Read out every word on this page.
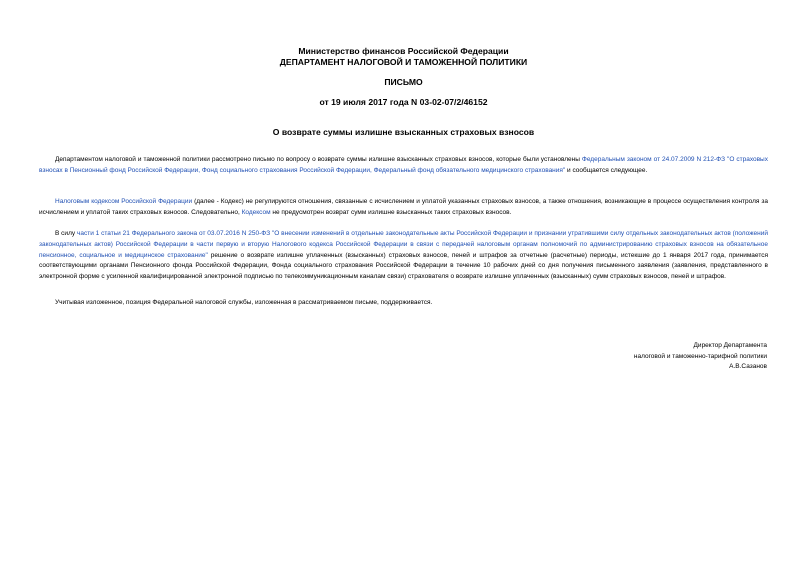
Министерство финансов Российской Федерации
ДЕПАРТАМЕНТ НАЛОГОВОЙ И ТАМОЖЕННОЙ ПОЛИТИКИ
ПИСЬМО
от 19 июля 2017 года N 03-02-07/2/46152
О возврате суммы излишне взысканных страховых взносов
Департаментом налоговой и таможенной политики рассмотрено письмо по вопросу о возврате суммы излишне взысканных страховых взносов, которые были установлены Федеральным законом от 24.07.2009 N 212-ФЗ "О страховых взносах в Пенсионный фонд Российской Федерации, Фонд социального страхования Российской Федерации, Федеральный фонд обязательного медицинского страхования" и сообщается следующее.
Налоговым кодексом Российской Федерации (далее - Кодекс) не регулируются отношения, связанные с исчислением и уплатой указанных страховых взносов, а также отношения, возникающие в процессе осуществления контроля за исчислением и уплатой таких страховых взносов. Следовательно, Кодексом не предусмотрен возврат сумм излишне взысканных таких страховых взносов.
В силу части 1 статьи 21 Федерального закона от 03.07.2016 N 250-ФЗ "О внесении изменений в отдельные законодательные акты Российской Федерации и признании утратившими силу отдельных законодательных актов (положений законодательных актов) Российской Федерации в части первую и вторую Налогового кодекса Российской Федерации в связи с передачей налоговым органам полномочий по администрированию страховых взносов на обязательное пенсионное, социальное и медицинское страхование" решение о возврате излишне уплаченных (взысканных) страховых взносов, пеней и штрафов за отчетные (расчетные) периоды, истекшие до 1 января 2017 года, принимается соответствующими органами Пенсионного фонда Российской Федерации, Фонда социального страхования Российской Федерации в течение 10 рабочих дней со дня получения письменного заявления (заявления, представленного в электронной форме с усиленной квалифицированной электронной подписью по телекоммуникационным каналам связи) страхователя о возврате излишне уплаченных (взысканных) сумм страховых взносов, пеней и штрафов.
Учитывая изложенное, позиция Федеральной налоговой службы, изложенная в рассматриваемом письме, поддерживается.
Директор Департамента
налоговой и таможенно-тарифной политики
А.В.Сазанов
